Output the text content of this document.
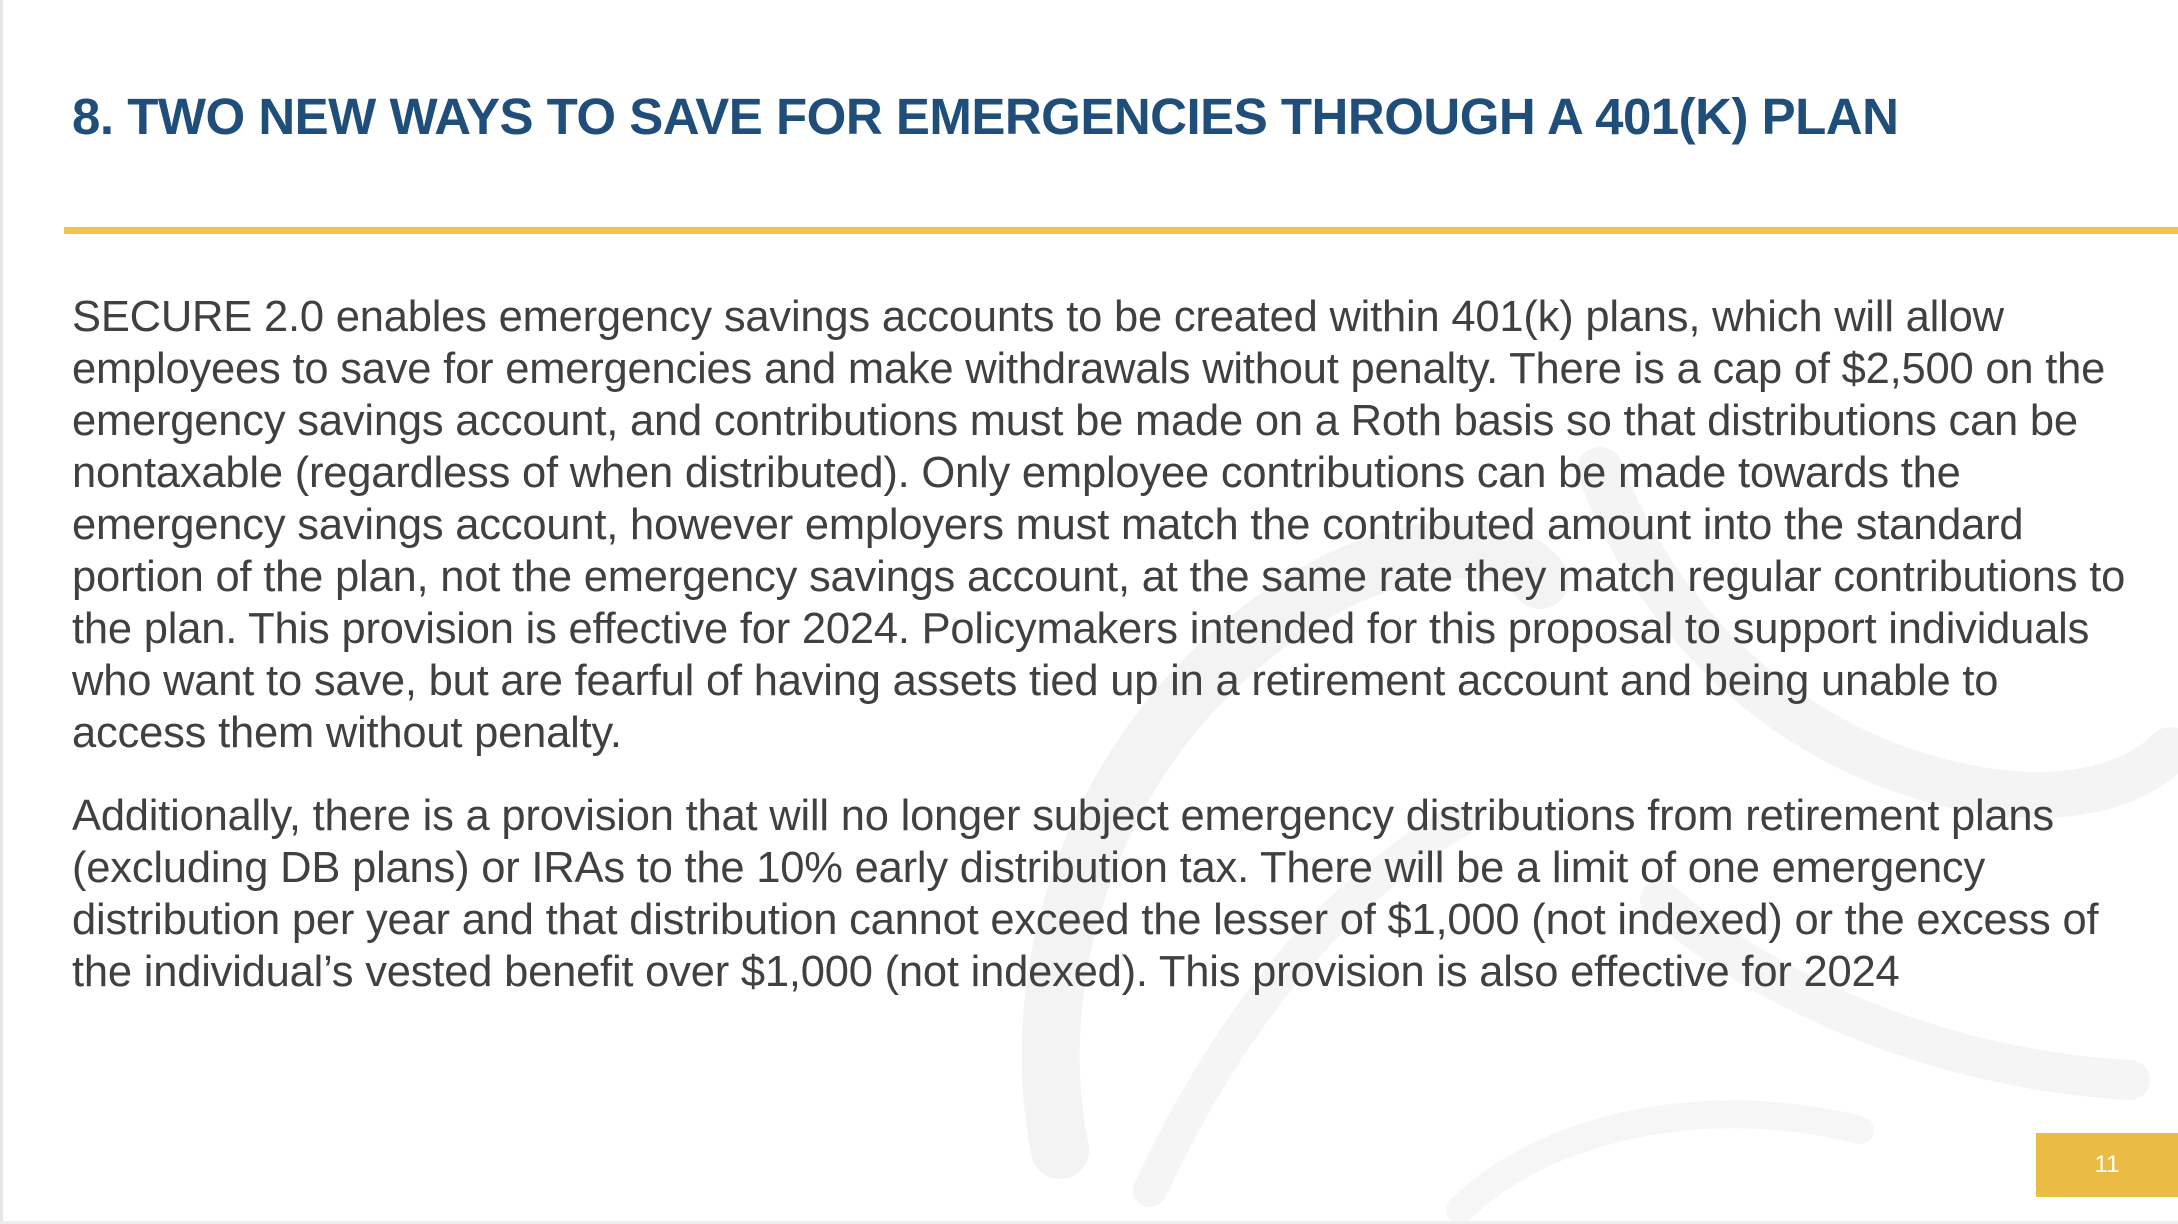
8. TWO NEW WAYS TO SAVE FOR EMERGENCIES THROUGH A 401(K) PLAN

SECURE 2.0 enables emergency savings accounts to be created within 401(k) plans, which will allow employees to save for emergencies and make withdrawals without penalty. There is a cap of $2,500 on the emergency savings account, and contributions must be made on a Roth basis so that distributions can be nontaxable (regardless of when distributed). Only employee contributions can be made towards the emergency savings account, however employers must match the contributed amount into the standard portion of the plan, not the emergency savings account, at the same rate they match regular contributions to the plan. This provision is effective for 2024. Policymakers intended for this proposal to support individuals who want to save, but are fearful of having assets tied up in a retirement account and being unable to access them without penalty.

Additionally, there is a provision that will no longer subject emergency distributions from retirement plans (excluding DB plans) or IRAs to the 10% early distribution tax. There will be a limit of one emergency distribution per year and that distribution cannot exceed the lesser of $1,000 (not indexed) or the excess of the individual’s vested benefit over $1,000 (not indexed). This provision is also effective for 2024

11
